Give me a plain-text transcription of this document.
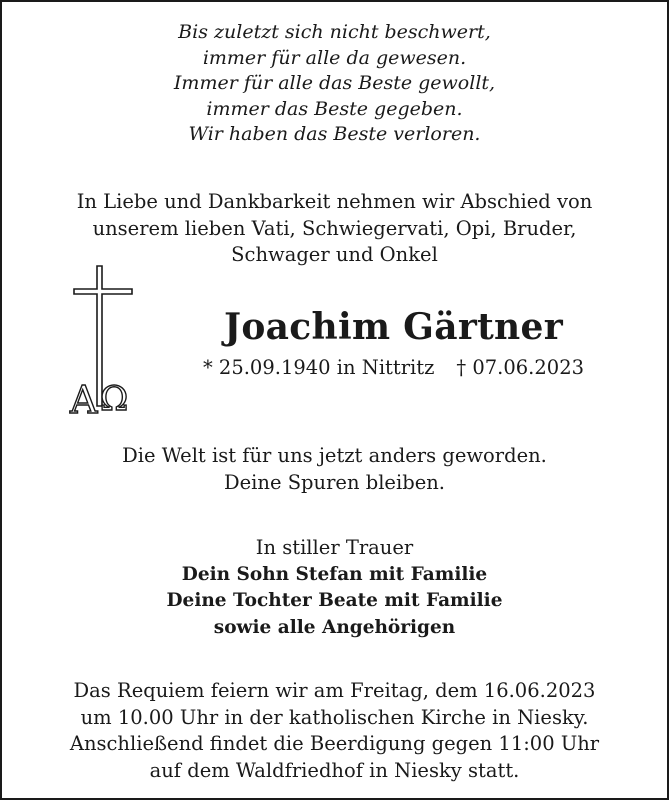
Bis zuletzt sich nicht beschwert,
immer für alle da gewesen.
Immer für alle das Beste gewollt,
immer das Beste gegeben.
Wir haben das Beste verloren.
In Liebe und Dankbarkeit nehmen wir Abschied von
unserem lieben Vati, Schwiegervati, Opi, Bruder,
Schwager und Onkel
A Ω
Joachim Gärtner
* 25.09.1940 in Nittritz † 07.06.2023
Die Welt ist für uns jetzt anders geworden.
Deine Spuren bleiben.
In stiller Trauer
Dein Sohn Stefan mit Familie
Deine Tochter Beate mit Familie
sowie alle Angehörigen
Das Requiem feiern wir am Freitag, dem 16.06.2023
um 10.00 Uhr in der katholischen Kirche in Niesky.
Anschließend findet die Beerdigung gegen 11:00 Uhr
auf dem Waldfriedhof in Niesky statt.
